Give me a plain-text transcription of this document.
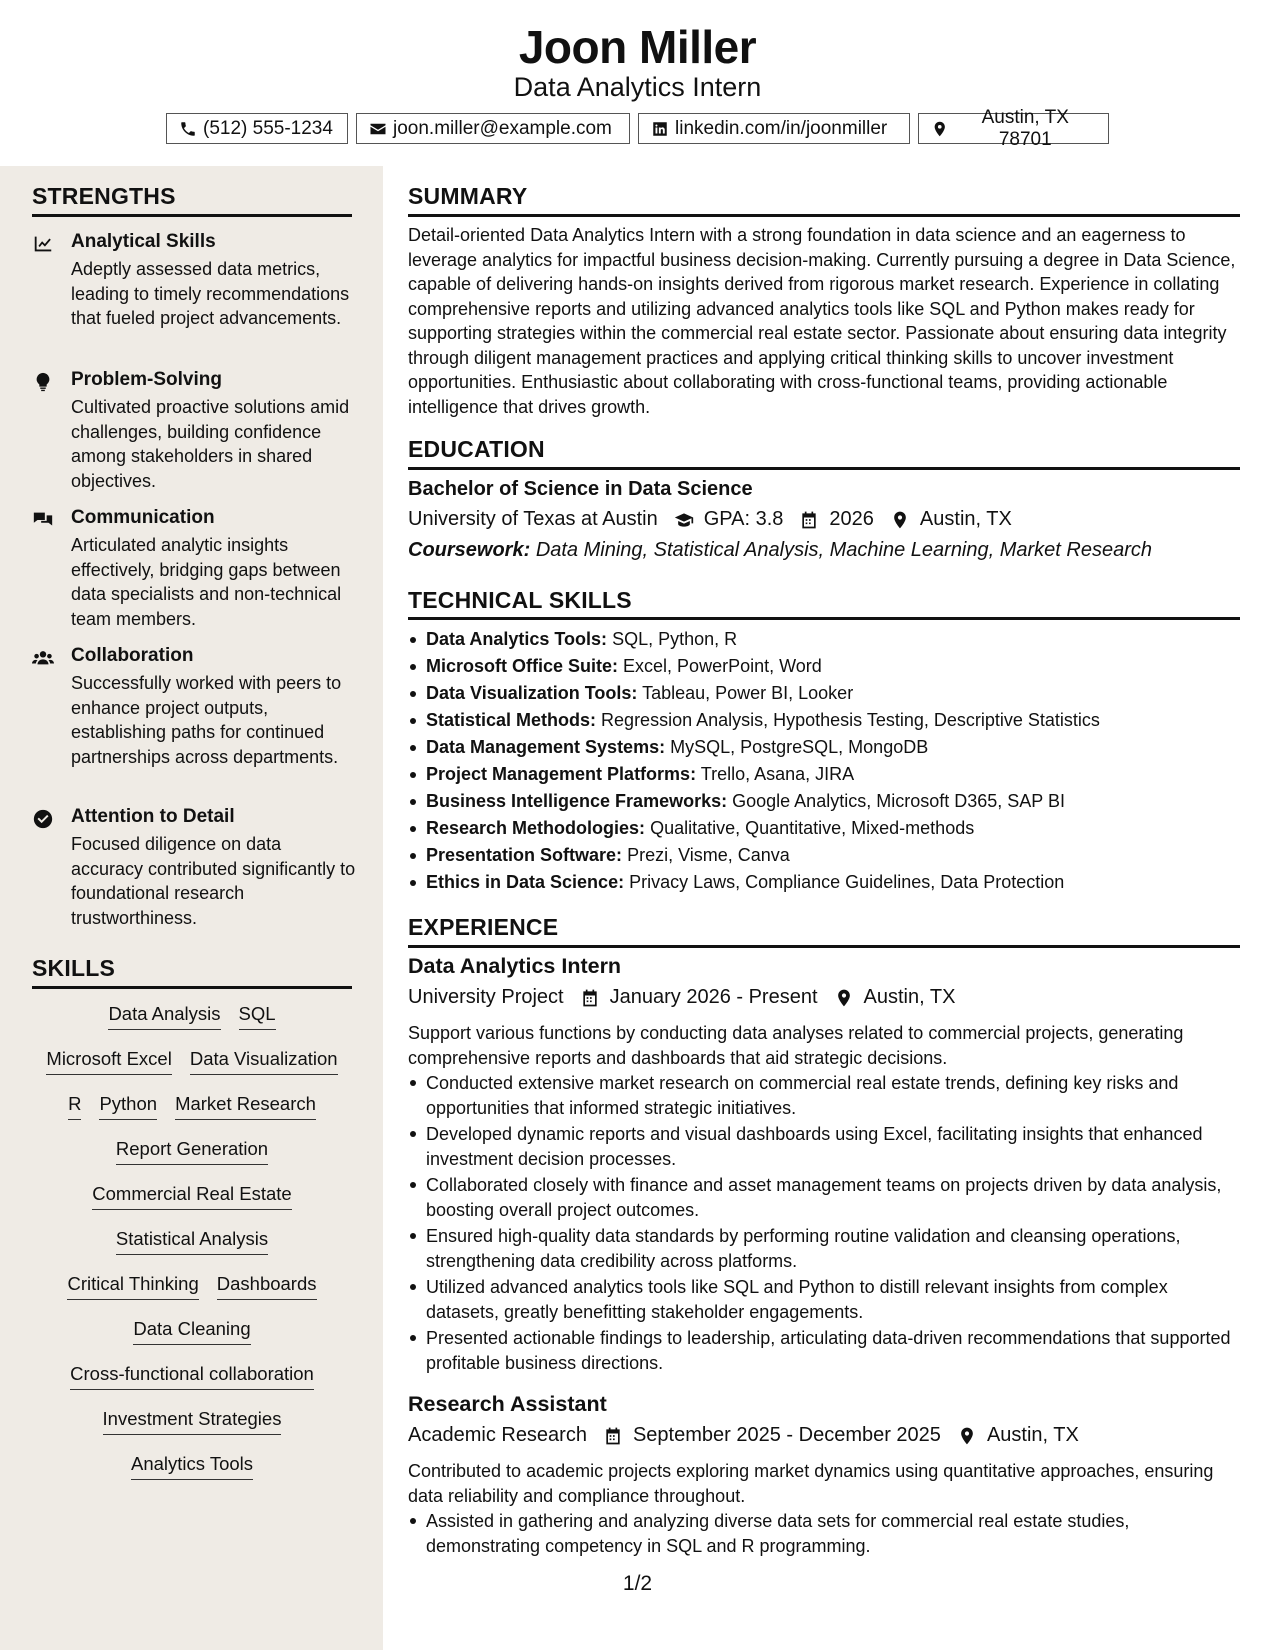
Joon Miller
Data Analytics Intern
(512) 555-1234	joon.miller@example.com	linkedin.com/in/joonmiller
Austin, TX 78701
STRENGTHS
Analytical Skills
Adeptly assessed data metrics, leading to timely recommendations that fueled project advancements.
Problem-Solving
Cultivated proactive solutions amid challenges, building confidence among stakeholders in shared objectives.
Communication
Articulated analytic insights effectively, bridging gaps between data specialists and non-technical team members.
Collaboration
Successfully worked with peers to enhance project outputs, establishing paths for continued partnerships across departments.
Attention to Detail
Focused diligence on data accuracy contributed significantly to foundational research trustworthiness.
SKILLS
Data Analysis SQL
Microsoft Excel Data Visualization
R Python Market Research
Report Generation
Commercial Real Estate
Statistical Analysis
Critical Thinking Dashboards
Data Cleaning
Cross-functional collaboration
Investment Strategies
Analytics Tools
SUMMARY
Detail-oriented Data Analytics Intern with a strong foundation in data science and an eagerness to leverage analytics for impactful business decision-making. Currently pursuing a degree in Data Science, capable of delivering hands-on insights derived from rigorous market research. Experience in collating comprehensive reports and utilizing advanced analytics tools like SQL and Python makes ready for supporting strategies within the commercial real estate sector. Passionate about ensuring data integrity through diligent management practices and applying critical thinking skills to uncover investment opportunities. Enthusiastic about collaborating with cross-functional teams, providing actionable intelligence that drives growth.
EDUCATION
Bachelor of Science in Data Science
University of Texas at Austin GPA: 3.8 2026 Austin, TX
Coursework: Data Mining, Statistical Analysis, Machine Learning, Market Research
TECHNICAL SKILLS
Data Analytics Tools: SQL, Python, R
Microsoft Office Suite: Excel, PowerPoint, Word
Data Visualization Tools: Tableau, Power BI, Looker
Statistical Methods: Regression Analysis, Hypothesis Testing, Descriptive Statistics
Data Management Systems: MySQL, PostgreSQL, MongoDB
Project Management Platforms: Trello, Asana, JIRA
Business Intelligence Frameworks: Google Analytics, Microsoft D365, SAP BI
Research Methodologies: Qualitative, Quantitative, Mixed-methods
Presentation Software: Prezi, Visme, Canva
Ethics in Data Science: Privacy Laws, Compliance Guidelines, Data Protection
EXPERIENCE
Data Analytics Intern
University Project January 2026 - Present Austin, TX
Support various functions by conducting data analyses related to commercial projects, generating comprehensive reports and dashboards that aid strategic decisions.
Conducted extensive market research on commercial real estate trends, defining key risks and opportunities that informed strategic initiatives.
Developed dynamic reports and visual dashboards using Excel, facilitating insights that enhanced investment decision processes.
Collaborated closely with finance and asset management teams on projects driven by data analysis, boosting overall project outcomes.
Ensured high-quality data standards by performing routine validation and cleansing operations, strengthening data credibility across platforms.
Utilized advanced analytics tools like SQL and Python to distill relevant insights from complex datasets, greatly benefitting stakeholder engagements.
Presented actionable findings to leadership, articulating data-driven recommendations that supported profitable business directions.
Research Assistant
Academic Research September 2025 - December 2025 Austin, TX
Contributed to academic projects exploring market dynamics using quantitative approaches, ensuring data reliability and compliance throughout.
Assisted in gathering and analyzing diverse data sets for commercial real estate studies, demonstrating competency in SQL and R programming.
1/2
